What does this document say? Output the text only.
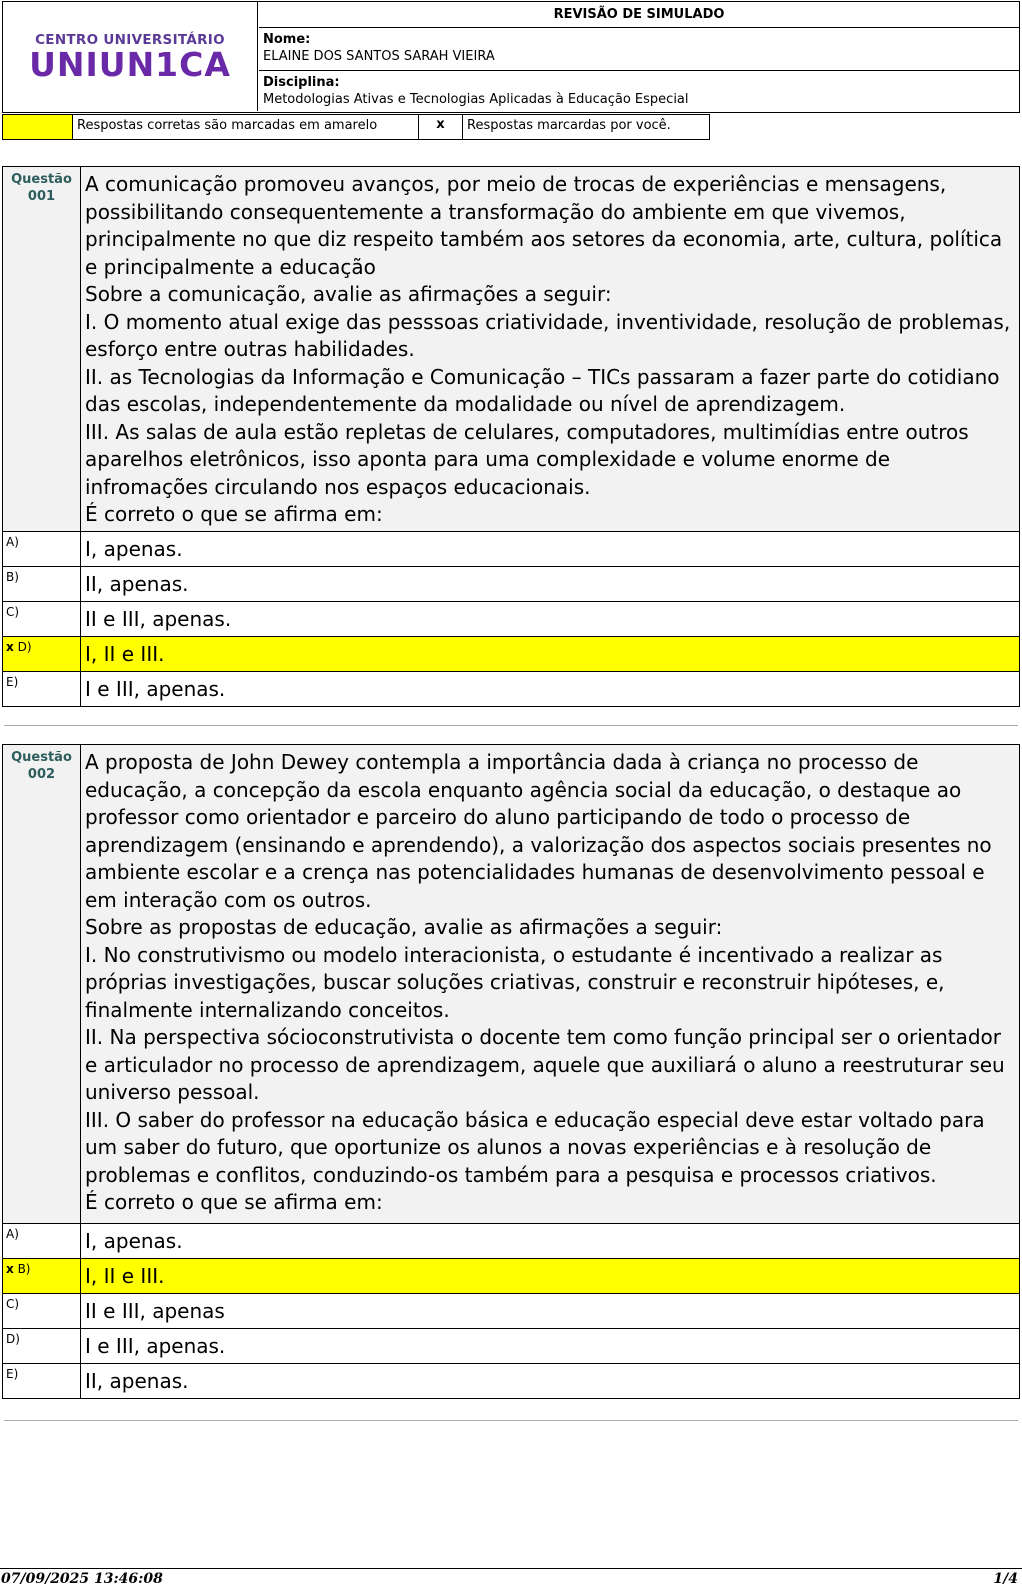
CENTRO UNIVERSITÁRIO
UNIUN1CA
REVISÃO DE SIMULADO
Nome:
ELAINE DOS SANTOS SARAH VIEIRA
Disciplina:
Metodologias Ativas e Tecnologias Aplicadas à Educação Especial
Respostas corretas são marcadas em amarelo	x	Respostas marcardas por você.
Questão
001

A comunicação promoveu avanços, por meio de trocas de experiências e mensagens, possibilitando consequentemente a transformação do ambiente em que vivemos, principalmente no que diz respeito também aos setores da economia, arte, cultura, política e principalmente a educação

Sobre a comunicação, avalie as afirmações a seguir:

I. O momento atual exige das pesssoas criatividade, inventividade, resolução de problemas, esforço entre outras habilidades.

II. as Tecnologias da Informação e Comunicação – TICs passaram a fazer parte do cotidiano das escolas, independentemente da modalidade ou nível de aprendizagem.

III. As salas de aula estão repletas de celulares, computadores, multimídias entre outros aparelhos eletrônicos, isso aponta para uma complexidade e volume enorme de infromações circulando nos espaços educacionais.

É correto o que se afirma em:

A)	I, apenas.
B)	II, apenas.
C)	II e III, apenas.
x D)	I, II e III.
E)	I e III, apenas.
Questão
002

A proposta de John Dewey contempla a importância dada à criança no processo de educação, a concepção da escola enquanto agência social da educação, o destaque ao professor como orientador e parceiro do aluno participando de todo o processo de aprendizagem (ensinando e aprendendo), a valorização dos aspectos sociais presentes no ambiente escolar e a crença nas potencialidades humanas de desenvolvimento pessoal e em interação com os outros.

Sobre as propostas de educação, avalie as afirmações a seguir:

I. No construtivismo ou modelo interacionista, o estudante é incentivado a realizar as próprias investigações, buscar soluções criativas, construir e reconstruir hipóteses, e, finalmente internalizando conceitos.

II. Na perspectiva sócioconstrutivista o docente tem como função principal ser o orientador e articulador no processo de aprendizagem, aquele que auxiliará o aluno a reestruturar seu universo pessoal.

III. O saber do professor na educação básica e educação especial deve estar voltado para um saber do futuro, que oportunize os alunos a novas experiências e à resolução de problemas e conflitos, conduzindo-os também para a pesquisa e processos criativos.

É correto o que se afirma em:

A)	I, apenas.
x B)	I, II e III.
C)	II e III, apenas
D)	I e III, apenas.
E)	II, apenas.
07/09/2025 13:46:08	1/4
